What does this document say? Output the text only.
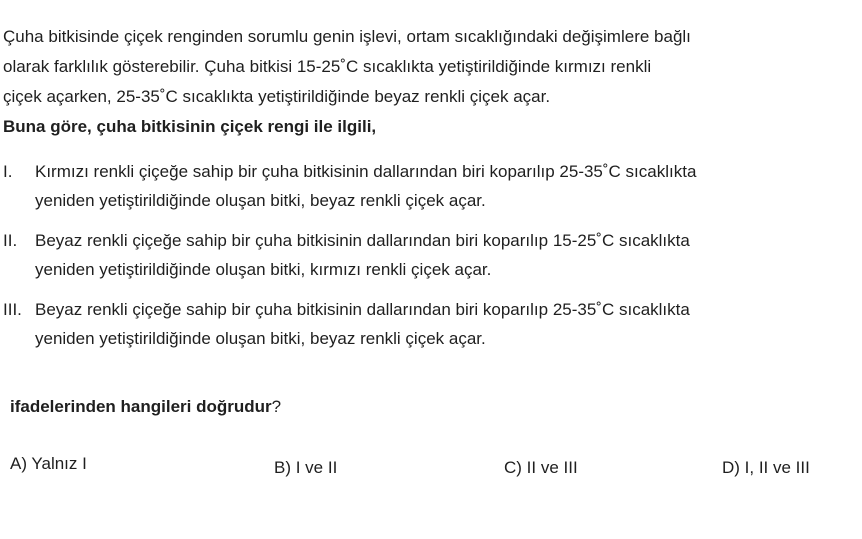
Çuha bitkisinde çiçek renginden sorumlu genin işlevi, ortam sıcaklığındaki değişimlere bağlı
olarak farklılık gösterebilir. Çuha bitkisi 15-25˚C sıcaklıkta yetiştirildiğinde kırmızı renkli
çiçek açarken, 25-35˚C sıcaklıkta yetiştirildiğinde beyaz renkli çiçek açar.
Buna göre, çuha bitkisinin çiçek rengi ile ilgili,
I. Kırmızı renkli çiçeğe sahip bir çuha bitkisinin dallarından biri koparılıp 25-35˚C sıcaklıkta
yeniden yetiştirildiğinde oluşan bitki, beyaz renkli çiçek açar.
II. Beyaz renkli çiçeğe sahip bir çuha bitkisinin dallarından biri koparılıp 15-25˚C sıcaklıkta
yeniden yetiştirildiğinde oluşan bitki, kırmızı renkli çiçek açar.
III. Beyaz renkli çiçeğe sahip bir çuha bitkisinin dallarından biri koparılıp 25-35˚C sıcaklıkta
yeniden yetiştirildiğinde oluşan bitki, beyaz renkli çiçek açar.
ifadelerinden hangileri doğrudur?
A) Yalnız I	B) I ve II	C) II ve III	D) I, II ve III
